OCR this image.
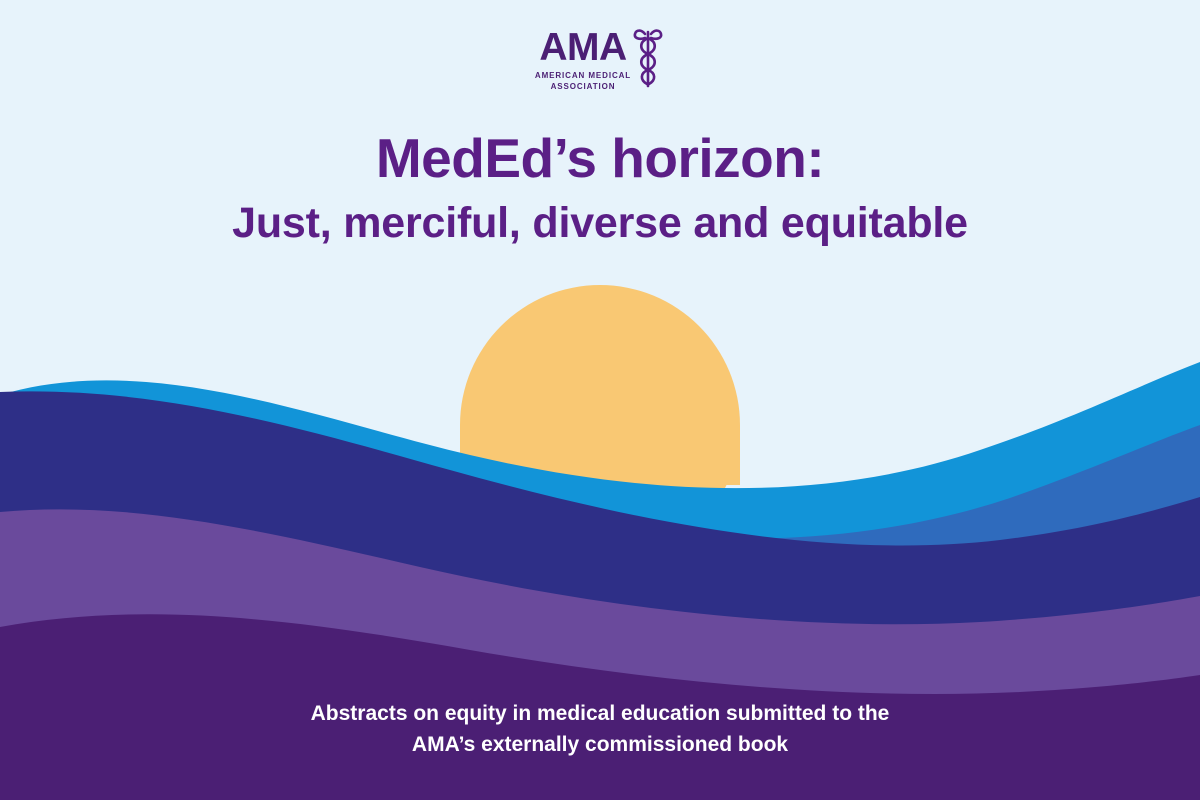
AMA
AMERICAN MEDICAL
ASSOCIATION
MedEd’s horizon:
Just, merciful, diverse and equitable
Abstracts on equity in medical education submitted to the
AMA’s externally commissioned book
